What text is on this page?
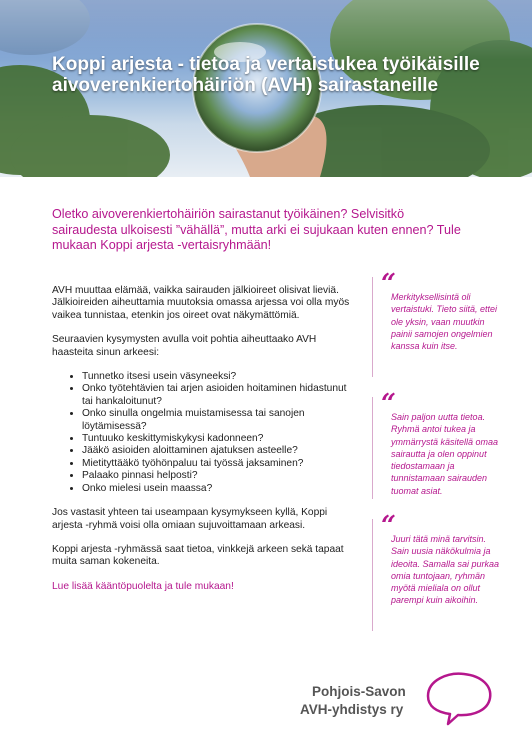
Koppi arjesta - tietoa ja vertaistukea työikäisille aivoverenkiertohäiriön (AVH) sairastaneille

Oletko aivoverenkiertohäiriön sairastanut työikäinen? Selvisitkö sairaudesta ulkoisesti ”vähällä”, mutta arki ei sujukaan kuten ennen? Tule mukaan Koppi arjesta -vertaisryhmään!

AVH muuttaa elämää, vaikka sairauden jälkioireet olisivat lieviä. Jälkioireiden aiheuttamia muutoksia omassa arjessa voi olla myös vaikea tunnistaa, etenkin jos oireet ovat näkymättömiä.

Seuraavien kysymysten avulla voit pohtia aiheuttaako AVH haasteita sinun arkeesi:

• Tunnetko itsesi usein väsyneeksi?
• Onko työtehtävien tai arjen asioiden hoitaminen hidastunut tai hankaloitunut?
• Onko sinulla ongelmia muistamisessa tai sanojen löytämisessä?
• Tuntuuko keskittymiskykysi kadonneen?
• Jääkö asioiden aloittaminen ajatuksen asteelle?
• Mietityttääkö työhönpaluu tai työssä jaksaminen?
• Palaako pinnasi helposti?
• Onko mielesi usein maassa?

Jos vastasit yhteen tai useampaan kysymykseen kyllä, Koppi arjesta -ryhmä voisi olla omiaan sujuvoittamaan arkeasi.

Koppi arjesta -ryhmässä saat tietoa, vinkkejä arkeen sekä tapaat muita saman kokeneita.

Lue lisää kääntöpuolelta ja tule mukaan!

“

Merkityksellisintä oli vertaistuki. Tieto siitä, ettei ole yksin, vaan muutkin painii samojen ongelmien kanssa kuin itse.

“

Sain paljon uutta tietoa. Ryhmä antoi tukea ja ymmärrystä käsitellä omaa sairautta ja olen oppinut tiedostamaan ja tunnistamaan sairauden tuomat asiat.

“

Juuri tätä minä tarvitsin. Sain uusia näkökulmia ja ideoita. Samalla sai purkaa omia tuntojaan, ryhmän myötä mieliala on ollut parempi kuin aikoihin.

Pohjois-Savon
AVH-yhdistys ry
